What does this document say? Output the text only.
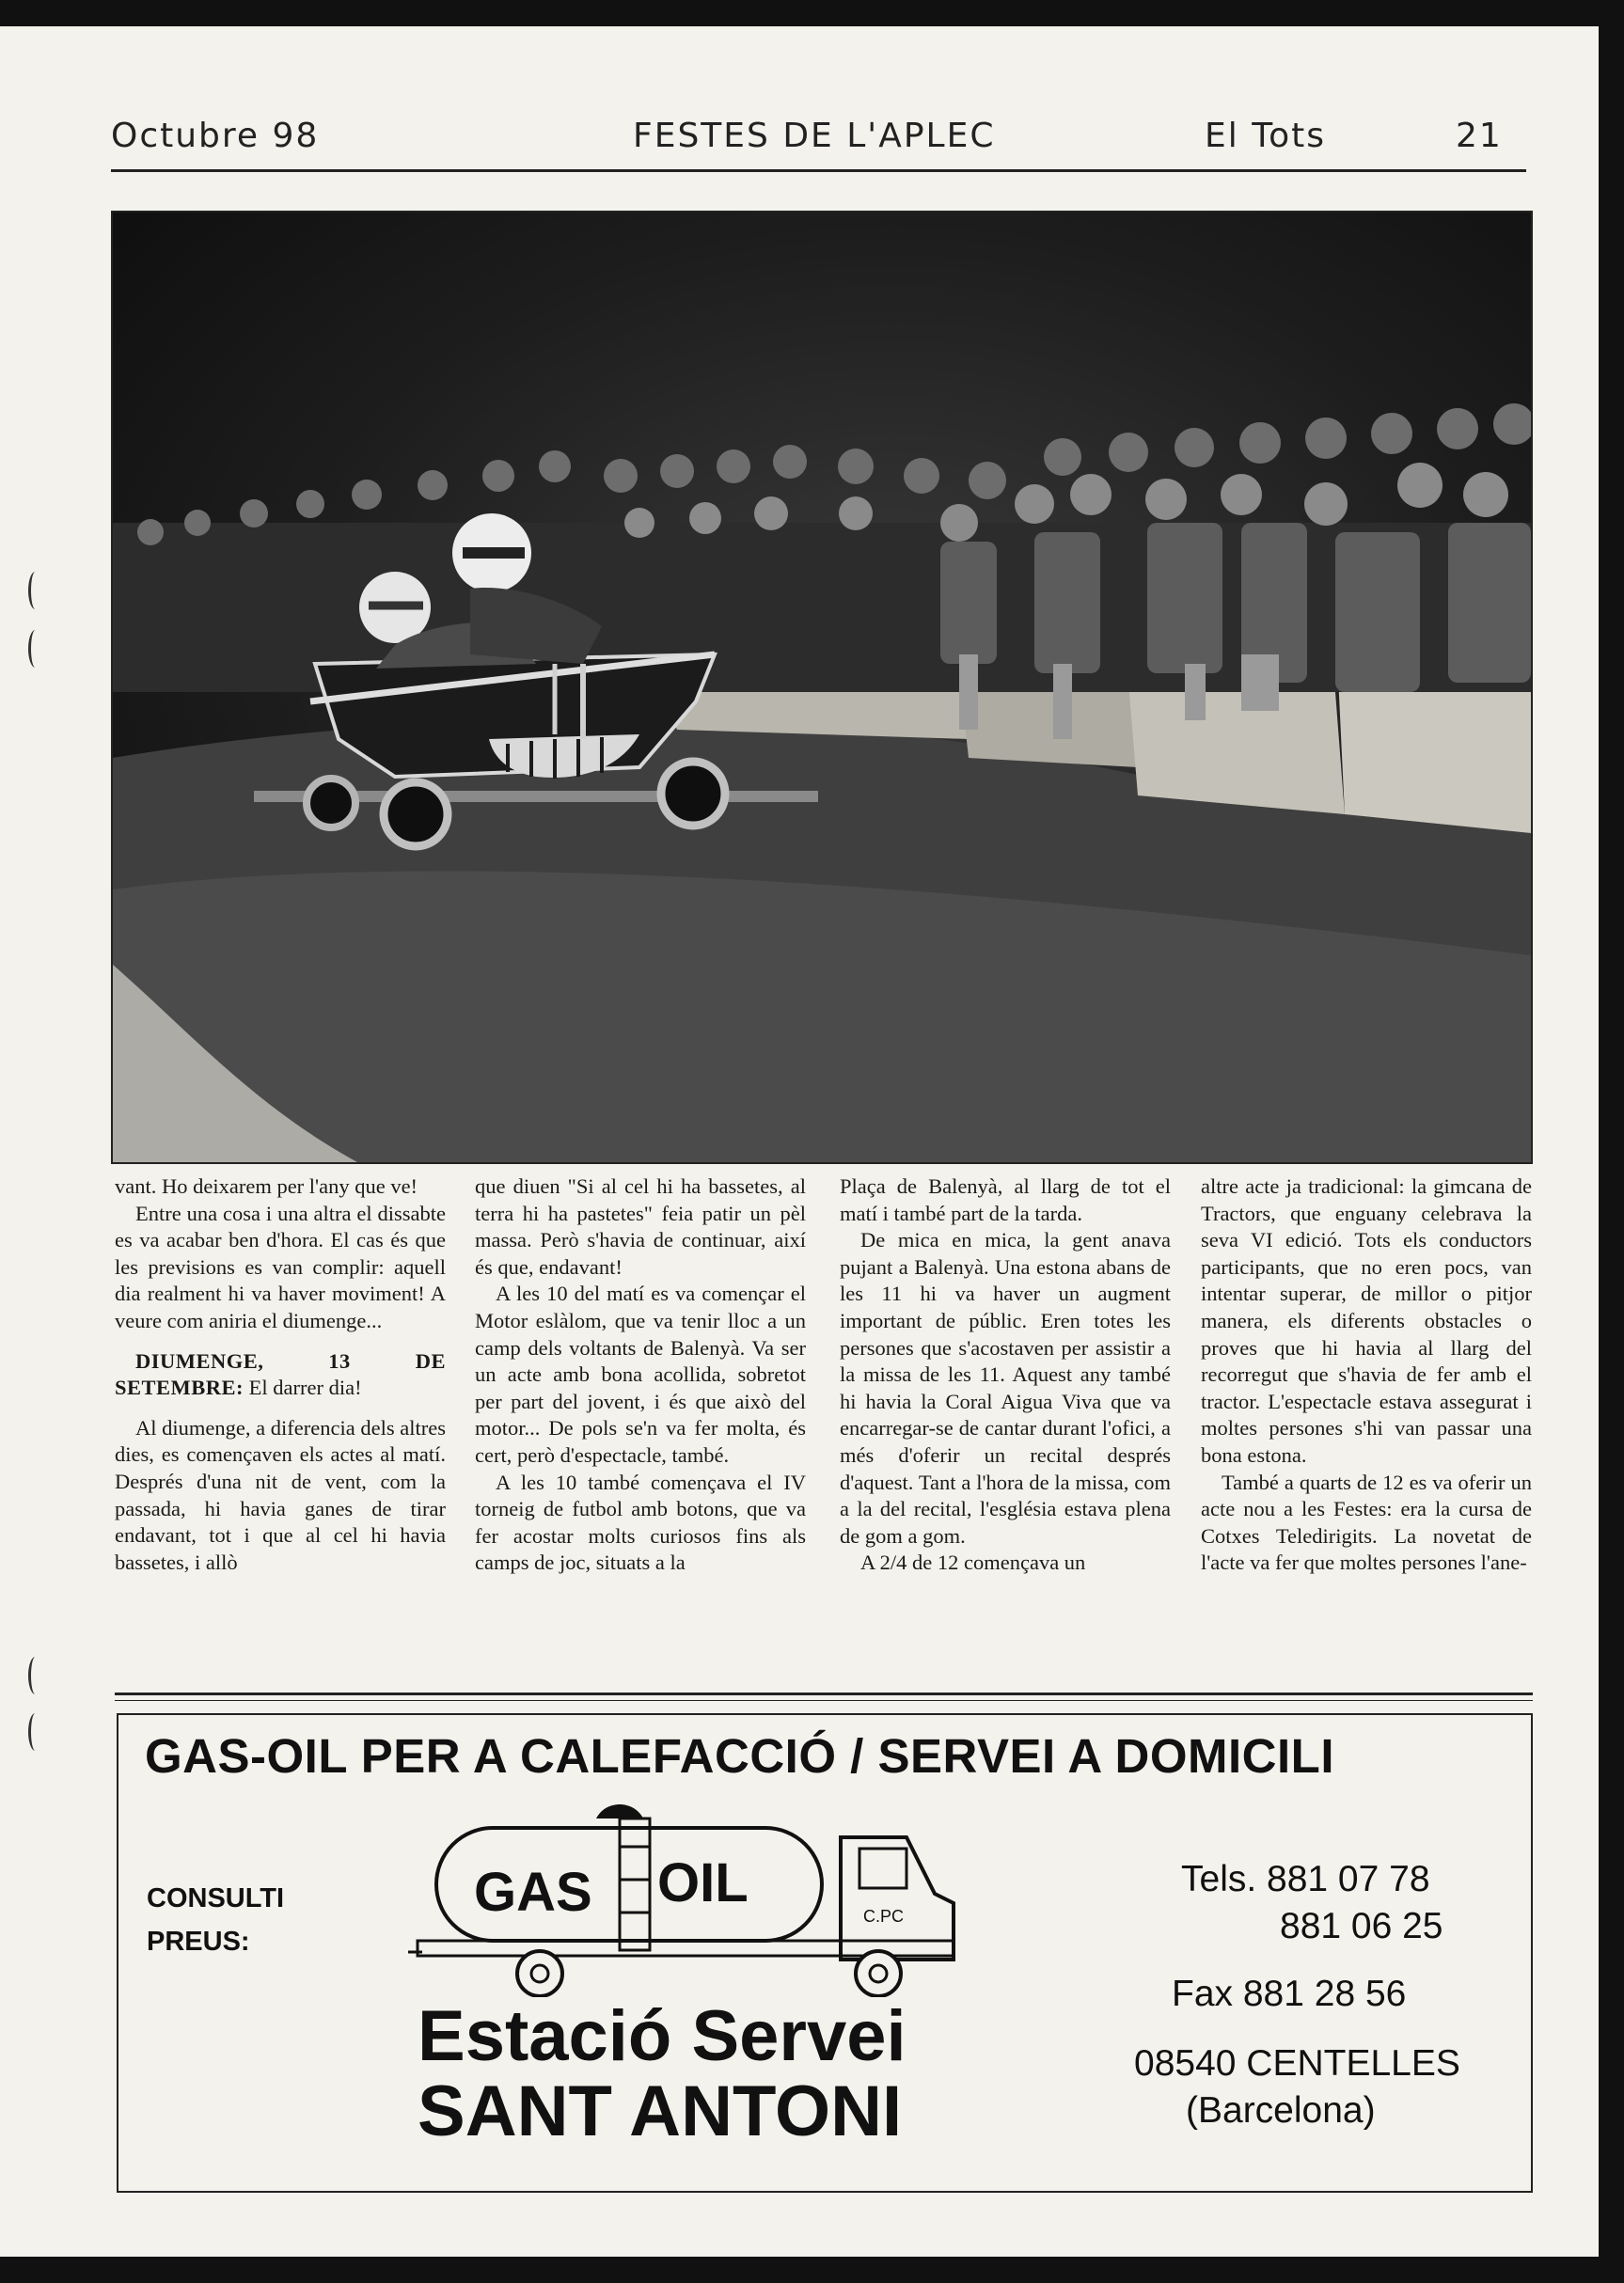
Octubre 98	FESTES DE L'APLEC	El Tots	21

vant. Ho deixarem per l'any que ve!

Entre una cosa i una altra el dissabte es va acabar ben d'hora. El cas és que les previsions es van complir: aquell dia realment hi va haver moviment! A veure com aniria el diumenge...

DIUMENGE, 13 DE SETEMBRE: El darrer dia!

Al diumenge, a diferencia dels altres dies, es començaven els actes al matí. Després d'una nit de vent, com la passada, hi havia ganes de tirar endavant, tot i que al cel hi havia bassetes, i allò

que diuen "Si al cel hi ha bassetes, al terra hi ha pastetes" feia patir un pèl massa. Però s'havia de continuar, així és que, endavant!

A les 10 del matí es va començar el Motor eslàlom, que va tenir lloc a un camp dels voltants de Balenyà. Va ser un acte amb bona acollida, sobretot per part del jovent, i és que això del motor... De pols se'n va fer molta, és cert, però d'espectacle, també.

A les 10 també començava el IV torneig de futbol amb botons, que va fer acostar molts curiosos fins als camps de joc, situats a la

Plaça de Balenyà, al llarg de tot el matí i també part de la tarda.

De mica en mica, la gent anava pujant a Balenyà. Una estona abans de les 11 hi va haver un augment important de públic. Eren totes les persones que s'acostaven per assistir a la missa de les 11. Aquest any també hi havia la Coral Aigua Viva que va encarregar-se de cantar durant l'ofici, a més d'oferir un recital després d'aquest. Tant a l'hora de la missa, com a la del recital, l'església estava plena de gom a gom.

A 2/4 de 12 començava un

altre acte ja tradicional: la gimcana de Tractors, que enguany celebrava la seva VI edició. Tots els conductors participants, que no eren pocs, van intentar superar, de millor o pitjor manera, els diferents obstacles o proves que hi havia al llarg del recorregut que s'havia de fer amb el tractor. L'espectacle estava assegurat i moltes persones s'hi van passar una bona estona.

També a quarts de 12 es va oferir un acte nou a les Festes: era la cursa de Cotxes Teledirigits. La novetat de l'acte va fer que moltes persones l'ane-

GAS-OIL PER A CALEFACCIÓ / SERVEI A DOMICILI
CONSULTI
PREUS:
GAS OIL
C.PC
Estació Servei
SANT ANTONI
Tels. 881 07 78
881 06 25
Fax 881 28 56
08540 CENTELLES
(Barcelona)
